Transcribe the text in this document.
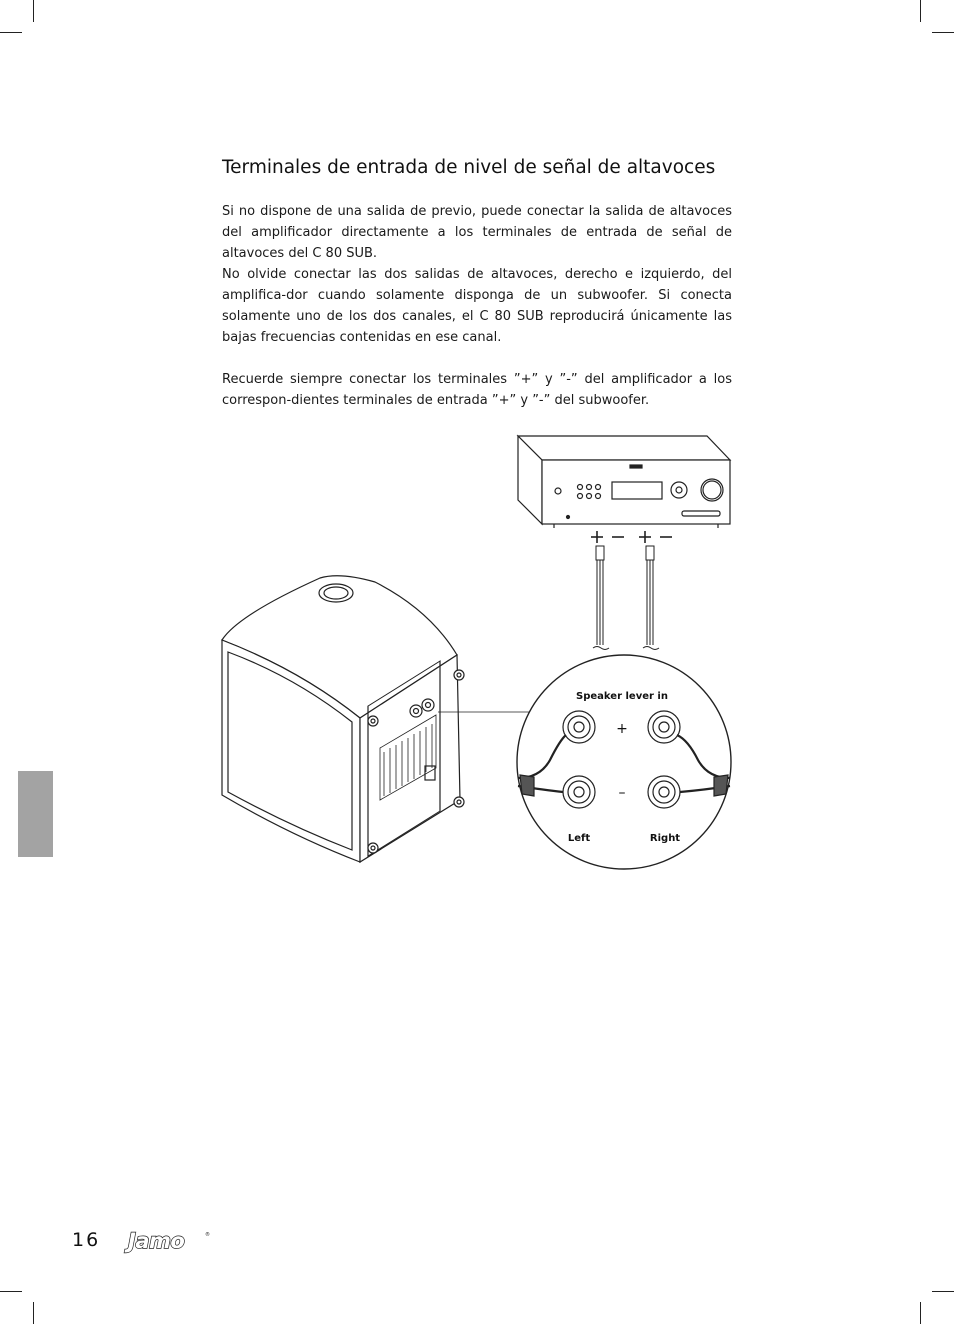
Terminales de entrada de nivel de señal de altavoces

Si no dispone de una salida de previo, puede conectar la salida de altavoces del amplificador directamente a los terminales de entrada de señal de altavoces del C 80 SUB.

No olvide conectar las dos salidas de altavoces, derecho e izquierdo, del amplifica-dor cuando solamente disponga de un subwoofer. Si conecta solamente uno de los dos canales, el C 80 SUB reproducirá únicamente las bajas frecuencias contenidas en ese canal.

Recuerde siempre conectar los terminales ”+” y ”-” del amplificador a los correspon-dientes terminales de entrada ”+” y ”-” del subwoofer.

Speaker lever in
+
–
Left	Right
16 Jamo	®
